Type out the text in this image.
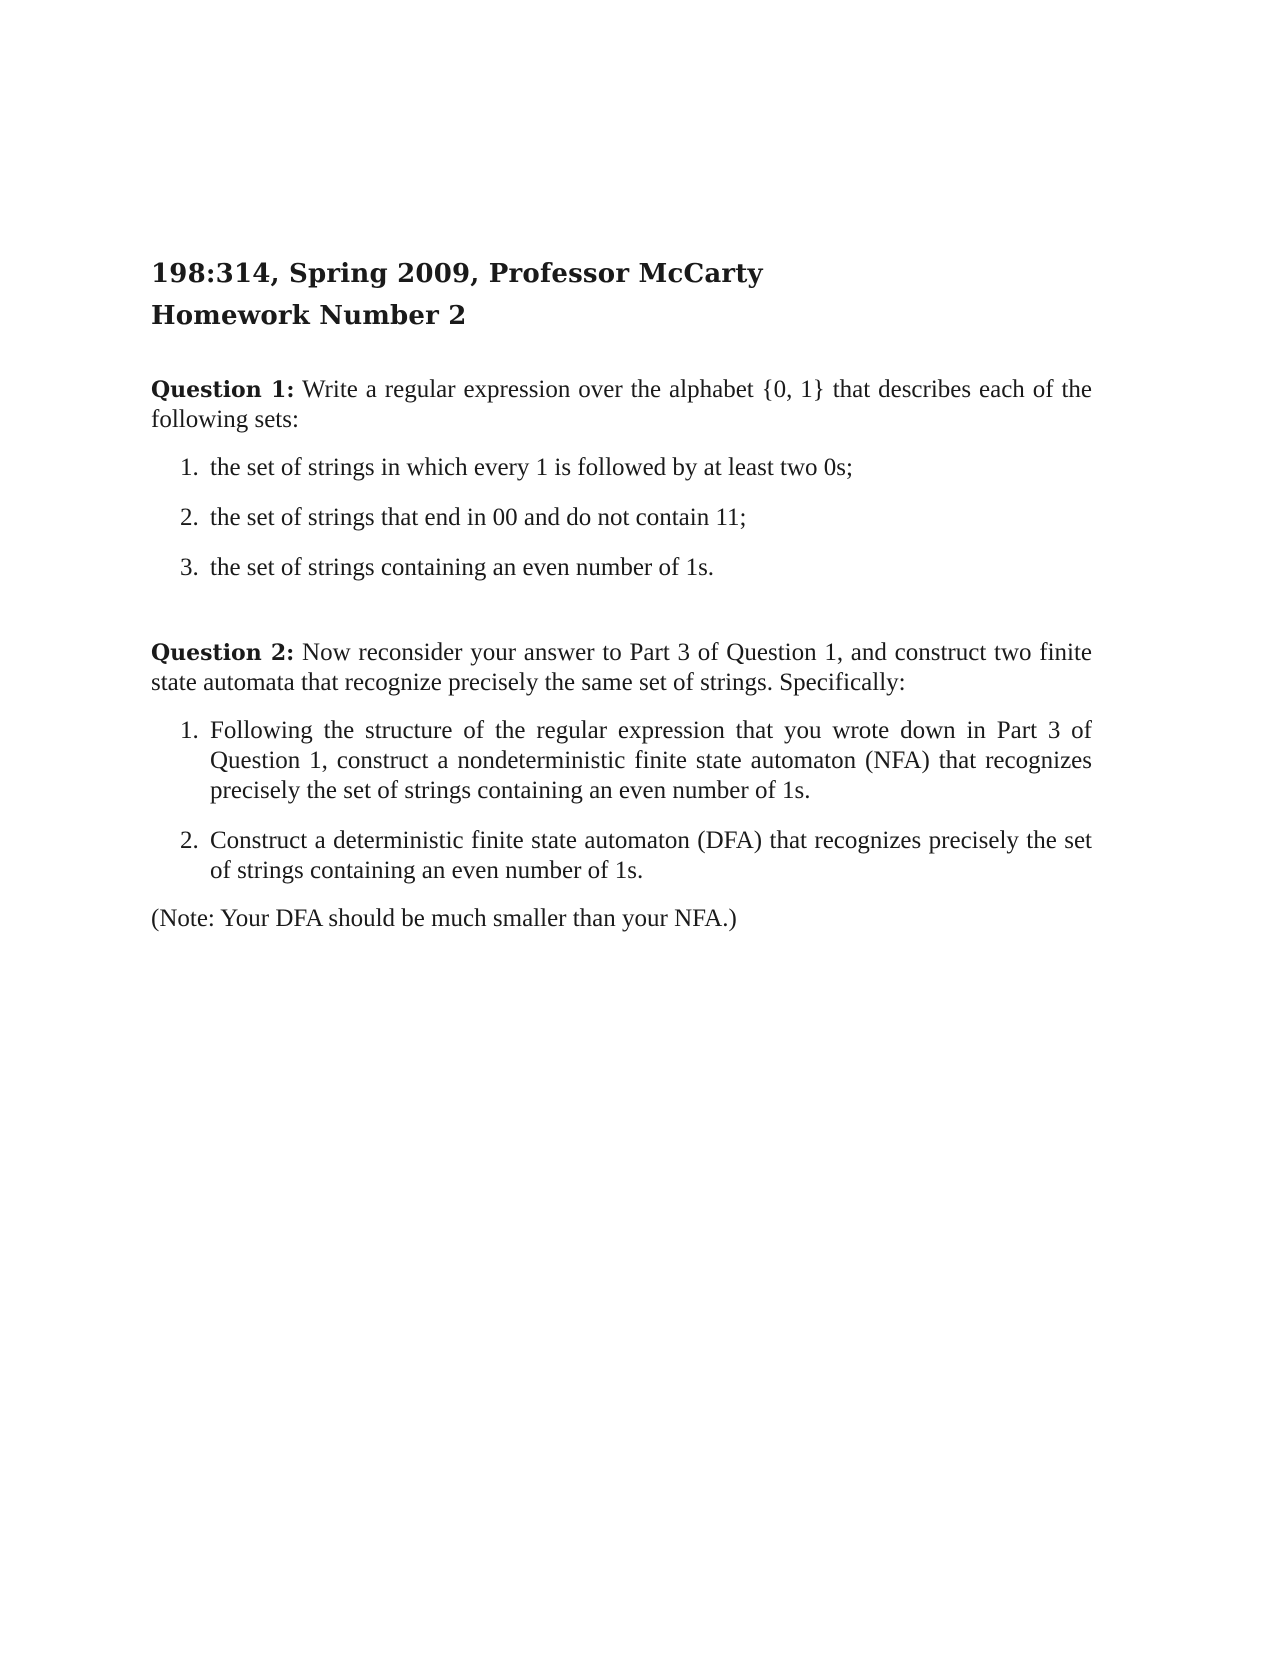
198:314, Spring 2009, Professor McCarty
Homework Number 2
Question 1: Write a regular expression over the alphabet {0, 1} that describes each of the following sets:
1. the set of strings in which every 1 is followed by at least two 0s;
2. the set of strings that end in 00 and do not contain 11;
3. the set of strings containing an even number of 1s.
Question 2: Now reconsider your answer to Part 3 of Question 1, and construct two finite state automata that recognize precisely the same set of strings. Specifically:
1. Following the structure of the regular expression that you wrote down in Part 3 of Question 1, construct a nondeterministic finite state automaton (NFA) that recognizes precisely the set of strings containing an even number of 1s.
2. Construct a deterministic finite state automaton (DFA) that recognizes precisely the set of strings containing an even number of 1s.
(Note: Your DFA should be much smaller than your NFA.)
